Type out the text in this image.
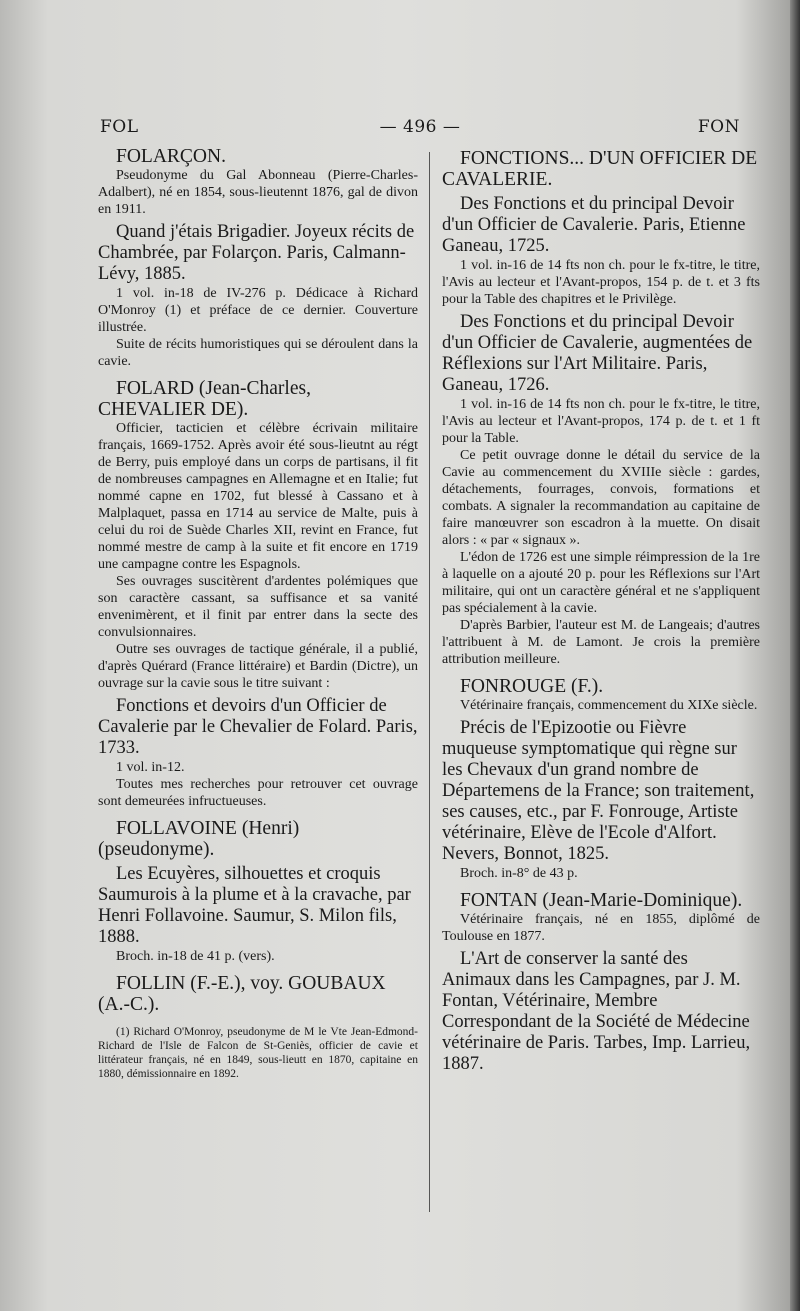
FOL	— 496 —	FON

FOLARÇON.

Pseudonyme du Gal Abonneau (Pierre-Charles-Adalbert), né en 1854, sous-lieutennt 1876, gal de divon en 1911.

Quand j'étais Brigadier. Joyeux récits de Chambrée, par Folarçon. Paris, Calmann-Lévy, 1885.

1 vol. in-18 de IV-276 p. Dédicace à Richard O'Monroy (1) et préface de ce dernier. Couverture illustrée.

Suite de récits humoristiques qui se déroulent dans la cavie.

FOLARD (Jean-Charles, CHEVALIER DE).

Officier, tacticien et célèbre écrivain militaire français, 1669-1752. Après avoir été sous-lieutnt au régt de Berry, puis employé dans un corps de partisans, il fit de nombreuses campagnes en Allemagne et en Italie; fut nommé capne en 1702, fut blessé à Cassano et à Malplaquet, passa en 1714 au service de Malte, puis à celui du roi de Suède Charles XII, revint en France, fut nommé mestre de camp à la suite et fit encore en 1719 une campagne contre les Espagnols.

Ses ouvrages suscitèrent d'ardentes polémiques que son caractère cassant, sa suffisance et sa vanité envenimèrent, et il finit par entrer dans la secte des convulsionnaires.

Outre ses ouvrages de tactique générale, il a publié, d'après Quérard (France littéraire) et Bardin (Dictre), un ouvrage sur la cavie sous le titre suivant :

Fonctions et devoirs d'un Officier de Cavalerie par le Chevalier de Folard. Paris, 1733.

1 vol. in-12.

Toutes mes recherches pour retrouver cet ouvrage sont demeurées infructueuses.

FOLLAVOINE (Henri) (pseudonyme).

Les Ecuyères, silhouettes et croquis Saumurois à la plume et à la cravache, par Henri Follavoine. Saumur, S. Milon fils, 1888.

Broch. in-18 de 41 p. (vers).

FOLLIN (F.-E.), voy. GOUBAUX (A.-C.).

(1) Richard O'Monroy, pseudonyme de M le Vte Jean-Edmond-Richard de l'Isle de Falcon de St-Geniès, officier de cavie et littérateur français, né en 1849, sous-lieutt en 1870, capitaine en 1880, démissionnaire en 1892.

FONCTIONS... D'UN OFFICIER DE CAVALERIE.

Des Fonctions et du principal Devoir d'un Officier de Cavalerie. Paris, Etienne Ganeau, 1725.

1 vol. in-16 de 14 fts non ch. pour le fx-titre, le titre, l'Avis au lecteur et l'Avant-propos, 154 p. de t. et 3 fts pour la Table des chapitres et le Privilège.

Des Fonctions et du principal Devoir d'un Officier de Cavalerie, augmentées de Réflexions sur l'Art Militaire. Paris, Ganeau, 1726.

1 vol. in-16 de 14 fts non ch. pour le fx-titre, le titre, l'Avis au lecteur et l'Avant-propos, 174 p. de t. et 1 ft pour la Table.

Ce petit ouvrage donne le détail du service de la Cavie au commencement du XVIIIe siècle : gardes, détachements, fourrages, convois, formations et combats. A signaler la recommandation au capitaine de faire manœuvrer son escadron à la muette. On disait alors : « par « signaux ».

L'édon de 1726 est une simple réimpression de la 1re à laquelle on a ajouté 20 p. pour les Réflexions sur l'Art militaire, qui ont un caractère général et ne s'appliquent pas spécialement à la cavie.

D'après Barbier, l'auteur est M. de Langeais; d'autres l'attribuent à M. de Lamont. Je crois la première attribution meilleure.

FONROUGE (F.).

Vétérinaire français, commencement du XIXe siècle.

Précis de l'Epizootie ou Fièvre muqueuse symptomatique qui règne sur les Chevaux d'un grand nombre de Départemens de la France; son traitement, ses causes, etc., par F. Fonrouge, Artiste vétérinaire, Elève de l'Ecole d'Alfort. Nevers, Bonnot, 1825.

Broch. in-8° de 43 p.

FONTAN (Jean-Marie-Dominique).

Vétérinaire français, né en 1855, diplômé de Toulouse en 1877.

L'Art de conserver la santé des Animaux dans les Campagnes, par J. M. Fontan, Vétérinaire, Membre Correspondant de la Société de Médecine vétérinaire de Paris. Tarbes, Imp. Larrieu, 1887.
